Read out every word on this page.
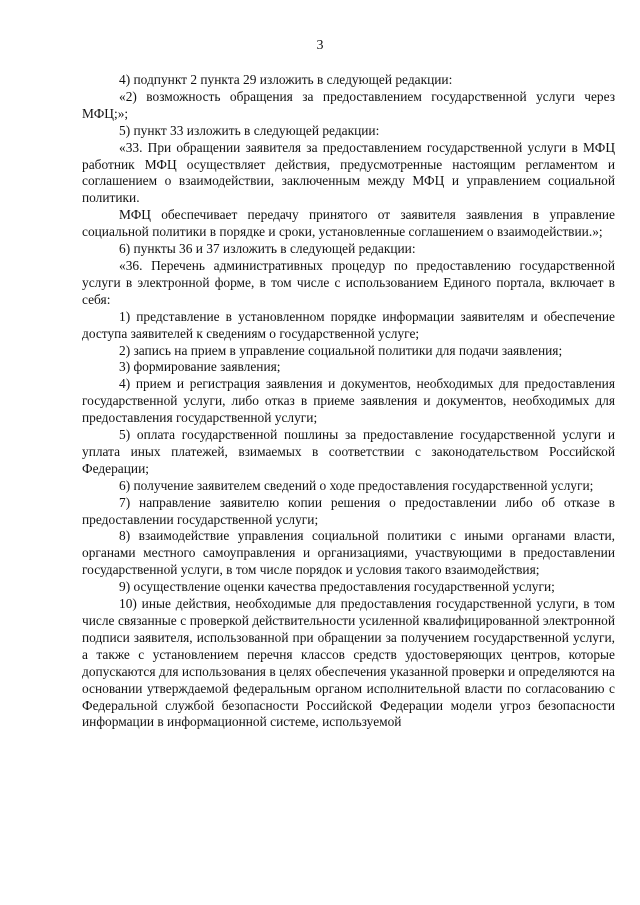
3

4) подпункт 2 пункта 29 изложить в следующей редакции:

«2) возможность обращения за предоставлением государственной услуги через МФЦ;»;

5) пункт 33 изложить в следующей редакции:

«33. При обращении заявителя за предоставлением государственной услуги в МФЦ работник МФЦ осуществляет действия, предусмотренные настоящим регламентом и соглашением о взаимодействии, заключенным между МФЦ и управлением социальной политики.

МФЦ обеспечивает передачу принятого от заявителя заявления в управление социальной политики в порядке и сроки, установленные соглашением о взаимодействии.»;

6) пункты 36 и 37 изложить в следующей редакции:

«36. Перечень административных процедур по предоставлению государственной услуги в электронной форме, в том числе с использованием Единого портала, включает в себя:

1) представление в установленном порядке информации заявителям и обеспечение доступа заявителей к сведениям о государственной услуге;

2) запись на прием в управление социальной политики для подачи заявления;

3) формирование заявления;

4) прием и регистрация заявления и документов, необходимых для предоставления государственной услуги, либо отказ в приеме заявления и документов, необходимых для предоставления государственной услуги;

5) оплата государственной пошлины за предоставление государственной услуги и уплата иных платежей, взимаемых в соответствии с законодательством Российской Федерации;

6) получение заявителем сведений о ходе предоставления государственной услуги;

7) направление заявителю копии решения о предоставлении либо об отказе в предоставлении государственной услуги;

8) взаимодействие управления социальной политики с иными органами власти, органами местного самоуправления и организациями, участвующими в предоставлении государственной услуги, в том числе порядок и условия такого взаимодействия;

9) осуществление оценки качества предоставления государственной услуги;

10) иные действия, необходимые для предоставления государственной услуги, в том числе связанные с проверкой действительности усиленной квалифицированной электронной подписи заявителя, использованной при обращении за получением государственной услуги, а также с установлением перечня классов средств удостоверяющих центров, которые допускаются для использования в целях обеспечения указанной проверки и определяются на основании утверждаемой федеральным органом исполнительной власти по согласованию с Федеральной службой безопасности Российской Федерации модели угроз безопасности информации в информационной системе, используемой
